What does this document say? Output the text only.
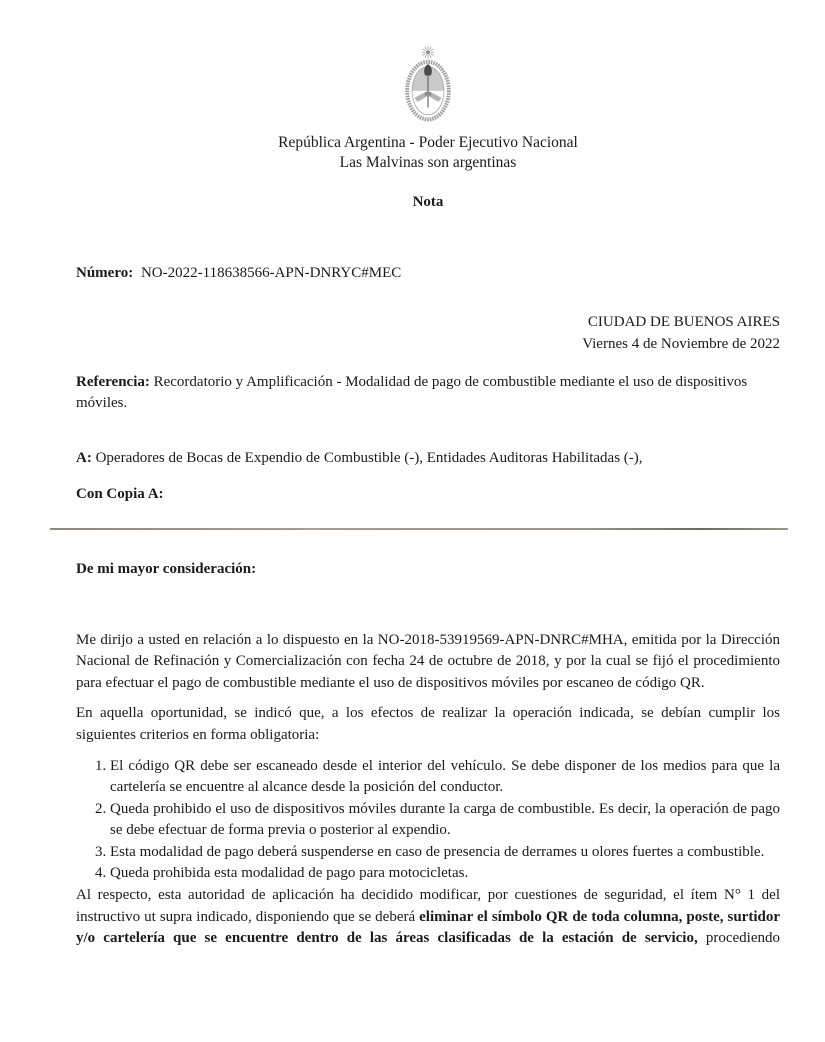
República Argentina - Poder Ejecutivo Nacional
Las Malvinas son argentinas
Nota
Número: NO-2022-118638566-APN-DNRYC#MEC
CIUDAD DE BUENOS AIRES
Viernes 4 de Noviembre de 2022
Referencia: Recordatorio y Amplificación - Modalidad de pago de combustible mediante el uso de dispositivos móviles.
A: Operadores de Bocas de Expendio de Combustible (-), Entidades Auditoras Habilitadas (-),
Con Copia A:
De mi mayor consideración:

Me dirijo a usted en relación a lo dispuesto en la NO-2018-53919569-APN-DNRC#MHA, emitida por la Dirección Nacional de Refinación y Comercialización con fecha 24 de octubre de 2018, y por la cual se fijó el procedimiento para efectuar el pago de combustible mediante el uso de dispositivos móviles por escaneo de código QR.

En aquella oportunidad, se indicó que, a los efectos de realizar la operación indicada, se debían cumplir los siguientes criterios en forma obligatoria:

1. El código QR debe ser escaneado desde el interior del vehículo. Se debe disponer de los medios para que la cartelería se encuentre al alcance desde la posición del conductor.
2. Queda prohibido el uso de dispositivos móviles durante la carga de combustible. Es decir, la operación de pago se debe efectuar de forma previa o posterior al expendio.
3. Esta modalidad de pago deberá suspenderse en caso de presencia de derrames u olores fuertes a combustible.
4. Queda prohibida esta modalidad de pago para motocicletas.

Al respecto, esta autoridad de aplicación ha decidido modificar, por cuestiones de seguridad, el ítem N° 1 del instructivo ut supra indicado, disponiendo que se deberá eliminar el símbolo QR de toda columna, poste, surtidor y/o cartelería que se encuentre dentro de las áreas clasificadas de la estación de servicio, procediendo
